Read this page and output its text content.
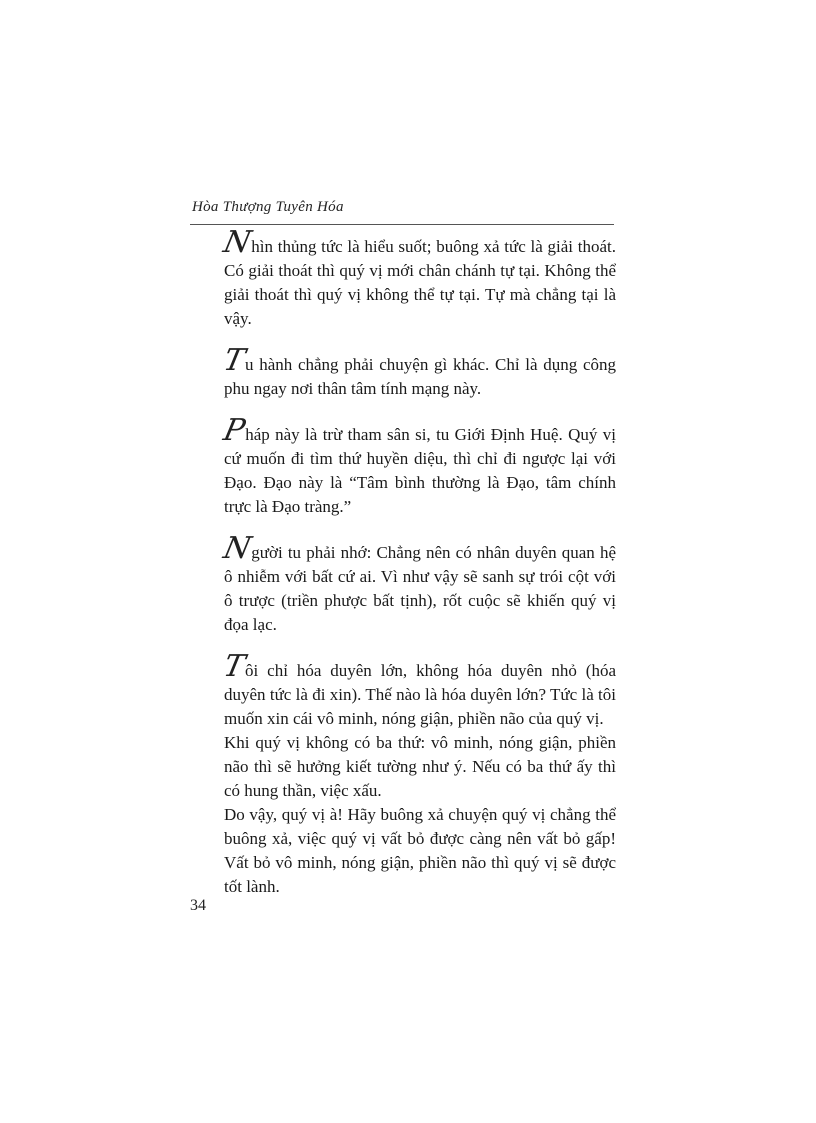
Hòa Thượng Tuyên Hóa

Nhìn thủng tức là hiểu suốt; buông xả tức là giải thoát. Có giải thoát thì quý vị mới chân chánh tự tại. Không thể giải thoát thì quý vị không thể tự tại. Tự mà chẳng tại là vậy.

Tu hành chẳng phải chuyện gì khác. Chỉ là dụng công phu ngay nơi thân tâm tính mạng này.

Pháp này là trừ tham sân si, tu Giới Định Huệ. Quý vị cứ muốn đi tìm thứ huyền diệu, thì chỉ đi ngược lại với Đạo. Đạo này là “Tâm bình thường là Đạo, tâm chính trực là Đạo tràng.”

Người tu phải nhớ: Chẳng nên có nhân duyên quan hệ ô nhiễm với bất cứ ai. Vì như vậy sẽ sanh sự trói cột với ô trược (triền phược bất tịnh), rốt cuộc sẽ khiến quý vị đọa lạc.

Tôi chỉ hóa duyên lớn, không hóa duyên nhỏ (hóa duyên tức là đi xin). Thế nào là hóa duyên lớn? Tức là tôi muốn xin cái vô minh, nóng giận, phiền não của quý vị.

Khi quý vị không có ba thứ: vô minh, nóng giận, phiền não thì sẽ hưởng kiết tường như ý. Nếu có ba thứ ấy thì có hung thần, việc xấu.

Do vậy, quý vị à! Hãy buông xả chuyện quý vị chẳng thể buông xả, việc quý vị vất bỏ được càng nên vất bỏ gấp! Vất bỏ vô minh, nóng giận, phiền não thì quý vị sẽ được tốt lành.

34
